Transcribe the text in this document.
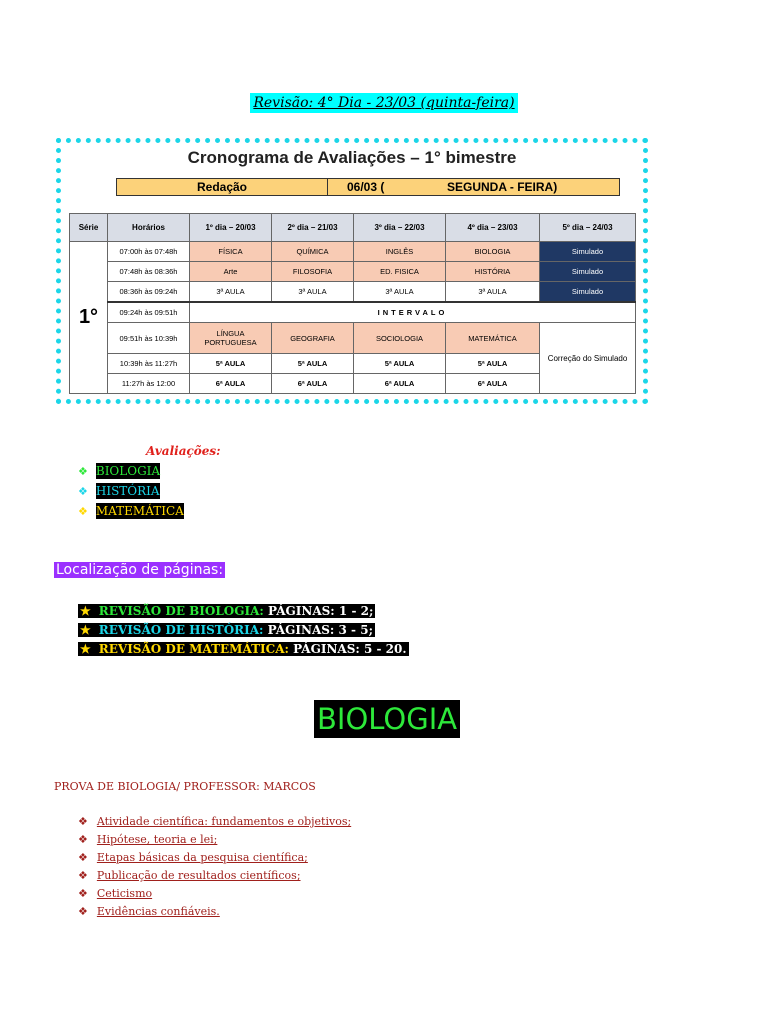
Revisão: 4° Dia - 23/03 (quinta-feira)
Cronograma de Avaliações – 1° bimestre
Redação	06/03 (	SEGUNDA - FEIRA)
Série	Horários	1º dia – 20/03	2º dia – 21/03	3º dia – 22/03	4º dia – 23/03	5º dia – 24/03
1°	07:00h às 07:48h	FÍSICA	QUÍMICA	INGLÊS	BIOLOGIA	Simulado
	07:48h às 08:36h	Arte	FILOSOFIA	ED. FISICA	HISTÓRIA	Simulado
	08:36h às 09:24h	3ª AULA	3ª AULA	3ª AULA	3ª AULA	Simulado
	09:24h às 09:51h	INTERVALO				
	09:51h às 10:39h	LÍNGUA PORTUGUESA	GEOGRAFIA	SOCIOLOGIA	MATEMÁTICA	Correção do Simulado
	10:39h às 11:27h	5ª AULA	5ª AULA	5ª AULA	5ª AULA	
	11:27h às 12:00	6ª AULA	6ª AULA	6ª AULA	6ª AULA	
Avaliações:
❖ BIOLOGIA
❖ HISTÓRIA
❖ MATEMÁTICA
Localização de páginas:
★ REVISÃO DE BIOLOGIA: PÁGINAS: 1 - 2;
★ REVISÃO DE HISTÓRIA: PÁGINAS: 3 - 5;
★ REVISÃO DE MATEMÁTICA: PÁGINAS: 5 - 20.
BIOLOGIA
PROVA DE BIOLOGIA/ PROFESSOR: MARCOS
❖ Atividade científica: fundamentos e objetivos;
❖ Hipótese, teoria e lei;
❖ Etapas básicas da pesquisa científica;
❖ Publicação de resultados científicos;
❖ Ceticismo
❖ Evidências confiáveis.
